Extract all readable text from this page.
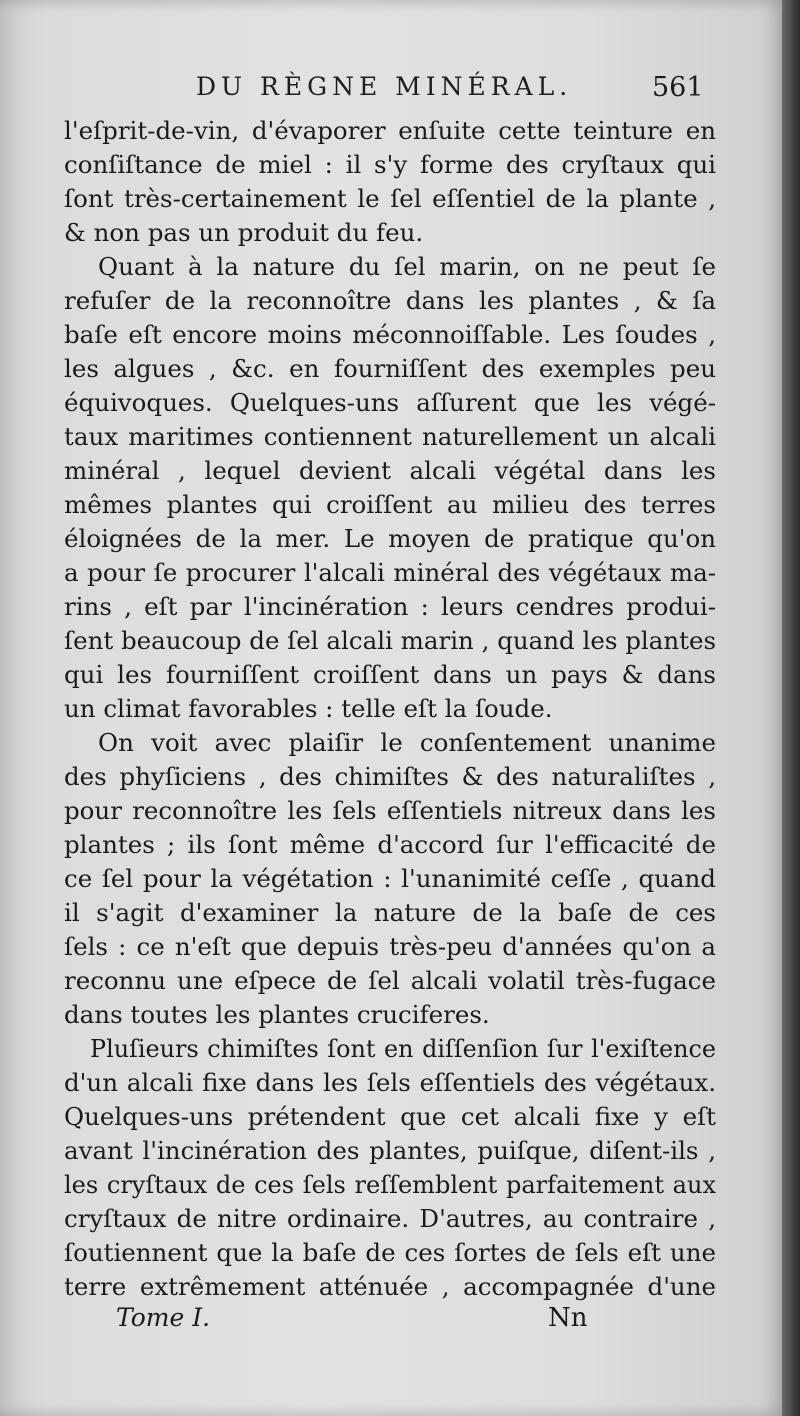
DU RÈGNE MINÉRAL.	561
l'eſprit-de-vin, d'évaporer enſuite cette teinture en
conſiſtance de miel : il s'y forme des cryſtaux qui
ſont très-certainement le ſel eſſentiel de la plante ,
& non pas un produit du feu.
Quant à la nature du ſel marin, on ne peut ſe
refuſer de la reconnoître dans les plantes , & ſa
baſe eſt encore moins méconnoiſſable. Les ſoudes ,
les algues , &c. en fourniſſent des exemples peu
équivoques. Quelques-uns aſſurent que les végé-
taux maritimes contiennent naturellement un alcali
minéral , lequel devient alcali végétal dans les
mêmes plantes qui croiſſent au milieu des terres
éloignées de la mer. Le moyen de pratique qu'on
a pour ſe procurer l'alcali minéral des végétaux ma-
rins , eſt par l'incinération : leurs cendres produi-
ſent beaucoup de ſel alcali marin , quand les plantes
qui les fourniſſent croiſſent dans un pays & dans
un climat favorables : telle eſt la ſoude.
On voit avec plaiſir le conſentement unanime
des phyſiciens , des chimiſtes & des naturaliſtes ,
pour reconnoître les ſels eſſentiels nitreux dans les
plantes ; ils ſont même d'accord ſur l'efficacité de
ce ſel pour la végétation : l'unanimité ceſſe , quand
il s'agit d'examiner la nature de la baſe de ces
ſels : ce n'eſt que depuis très-peu d'années qu'on a
reconnu une eſpece de ſel alcali volatil très-fugace
dans toutes les plantes cruciferes.
Pluſieurs chimiſtes ſont en diſſenſion ſur l'exiſtence
d'un alcali fixe dans les ſels eſſentiels des végétaux.
Quelques-uns prétendent que cet alcali fixe y eſt
avant l'incinération des plantes, puiſque, diſent-ils ,
les cryſtaux de ces ſels reſſemblent parfaitement aux
cryſtaux de nitre ordinaire. D'autres, au contraire ,
ſoutiennent que la baſe de ces ſortes de ſels eſt une
terre extrêmement atténuée , accompagnée d'une
Tome I.	Nn
